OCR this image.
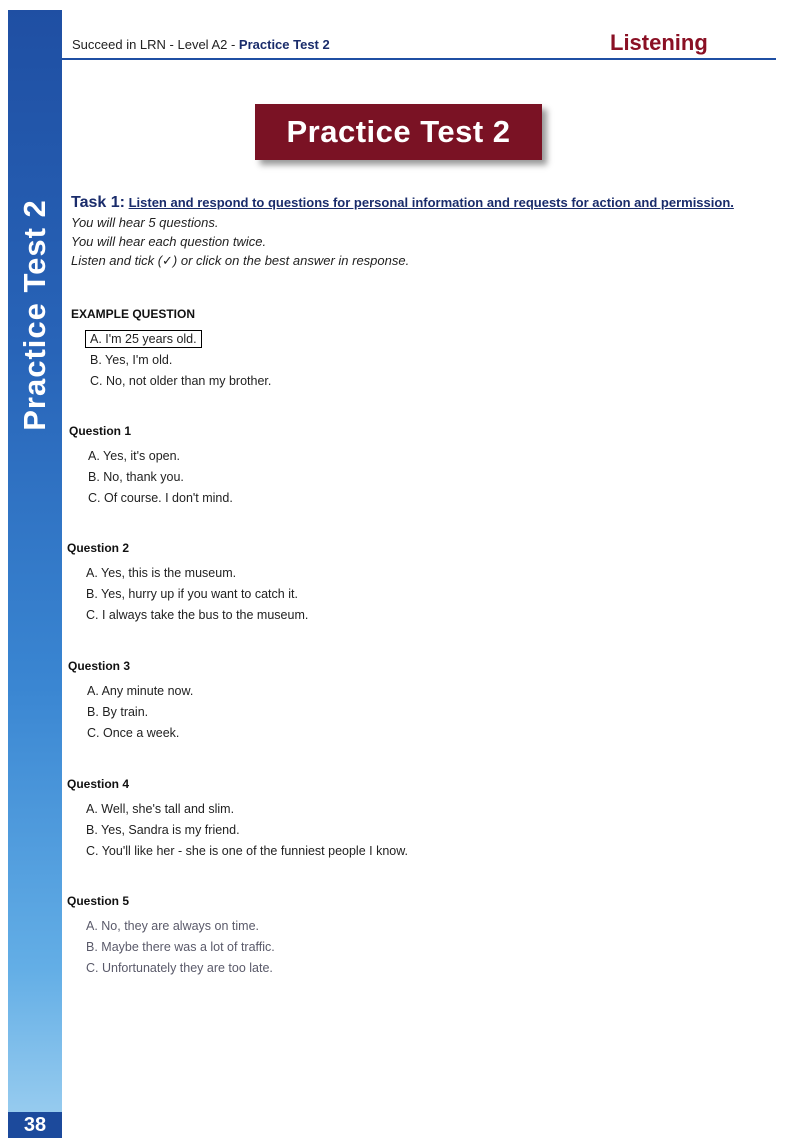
Practice Test 2
38
Succeed in LRN - Level A2 - Practice Test 2	Listening
Practice Test 2
Task 1: Listen and respond to questions for personal information and requests for action and permission.
You will hear 5 questions.
You will hear each question twice.
Listen and tick (✓) or click on the best answer in response.
EXAMPLE QUESTION
A. I'm 25 years old.
B. Yes, I'm old.
C. No, not older than my brother.
Question 1
A. Yes, it's open.
B. No, thank you.
C. Of course. I don't mind.
Question 2
A. Yes, this is the museum.
B. Yes, hurry up if you want to catch it.
C. I always take the bus to the museum.
Question 3
A. Any minute now.
B. By train.
C. Once a week.
Question 4
A. Well, she's tall and slim.
B. Yes, Sandra is my friend.
C. You'll like her - she is one of the funniest people I know.
Question 5
A. No, they are always on time.
B. Maybe there was a lot of traffic.
C. Unfortunately they are too late.
